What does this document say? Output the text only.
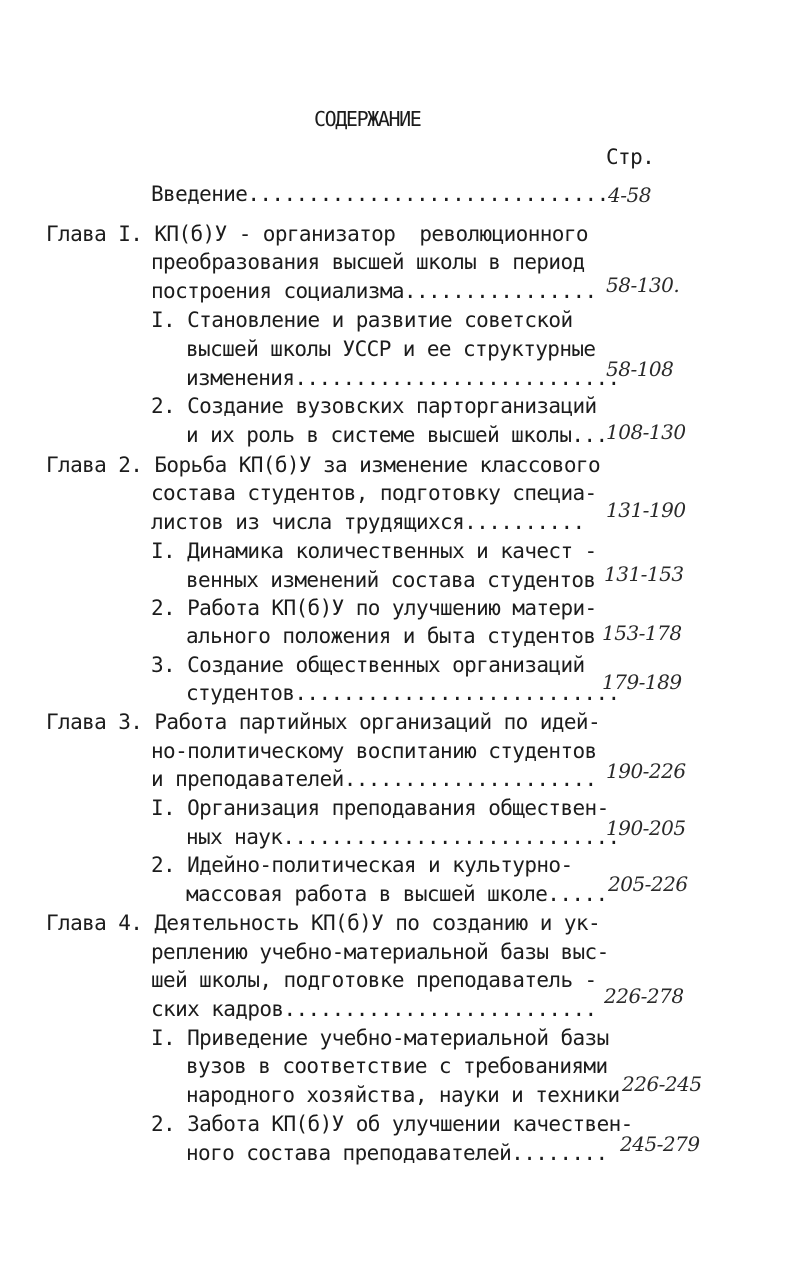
СОДЕРЖАНИЕ
Стр.
Введение.............................. 4-58
Глава I. КП(б)У - организатор  революционного
преобразования высшей школы в период
построения социализма................ 58-130.
I. Становление и развитие советской
высшей школы УССР и ее структурные
изменения...........................
58-108
2. Создание вузовских парторганизаций
и их роль в системе высшей школы...
108-130
Глава 2. Борьба КП(б)У за изменение классового
состава студентов, подготовку специа-
листов из числа трудящихся.......... 131-190
I. Динамика количественных и качест -
венных изменений состава студентов 131-153
2. Работа КП(б)У по улучшению матери-
ального положения и быта студентов 153-178
3. Создание общественных организаций
студентов...........................
179-189
Глава 3. Работа партийных организаций по идей-
но-политическому воспитанию студентов
и преподавателей..................... 190-226
I. Организация преподавания обществен-
ных наук............................
190-205
2. Идейно-политическая и культурно-
массовая работа в высшей школе..... 205-226
Глава 4. Деятельность КП(б)У по созданию и ук-
реплению учебно-материальной базы выс-
шей школы, подготовке преподаватель -
ских кадров..........................
226-278
I. Приведение учебно-материальной базы
вузов в соответствие с требованиями
народного хозяйства, науки и техники 226-245
2. Забота КП(б)У об улучшении качествен-
ного состава преподавателей........ 245-279
